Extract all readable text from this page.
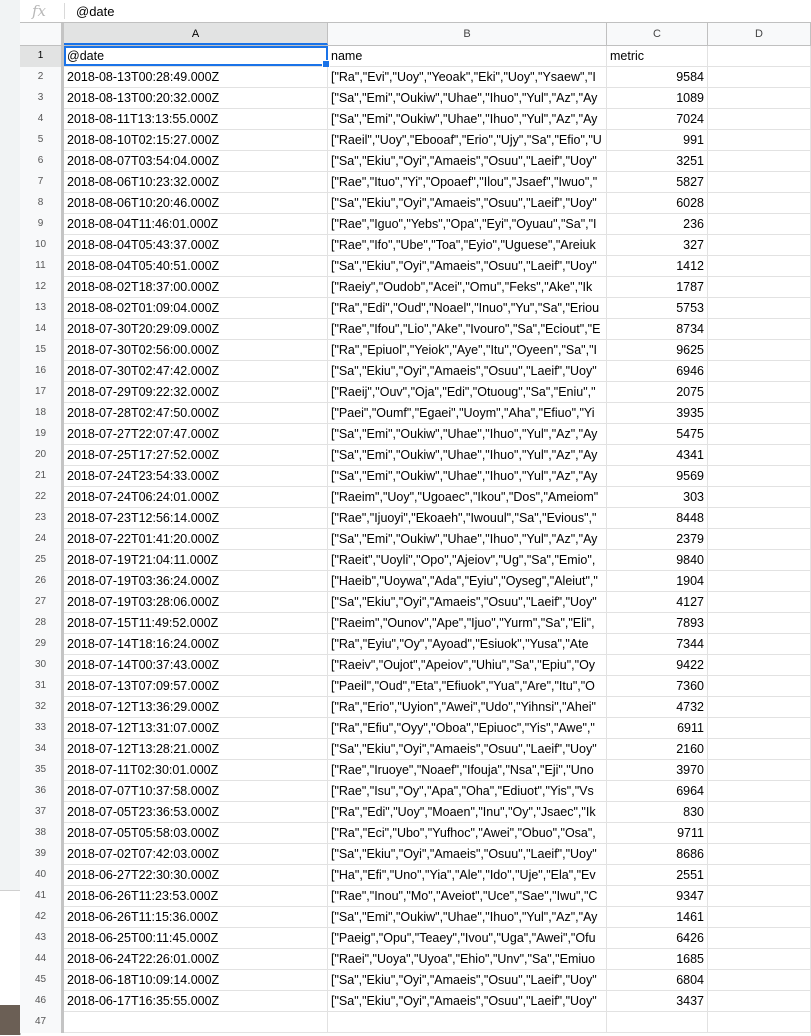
fx @date
A	B	C	D
1	@date	name	metric
2	2018-08-13T00:28:49.000Z	["Ra","Evi","Uoy","Yeoak","Eki","Uoy","Ysaew","I	9584
3	2018-08-13T00:20:32.000Z	["Sa","Emi","Oukiw","Uhae","Ihuo","Yul","Az","Ay	1089
4	2018-08-11T13:13:55.000Z	["Sa","Emi","Oukiw","Uhae","Ihuo","Yul","Az","Ay	7024
5	2018-08-10T02:15:27.000Z	["Raeil","Uoy","Ebooaf","Erio","Ujy","Sa","Efio","U	991
6	2018-08-07T03:54:04.000Z	["Sa","Ekiu","Oyi","Amaeis","Osuu","Laeif","Uoy"	3251
7	2018-08-06T10:23:32.000Z	["Rae","Ituo","Yi","Opoaef","Ilou","Jsaef","Iwuo","	5827
8	2018-08-06T10:20:46.000Z	["Sa","Ekiu","Oyi","Amaeis","Osuu","Laeif","Uoy"	6028
9	2018-08-04T11:46:01.000Z	["Rae","Iguo","Yebs","Opa","Eyi","Oyuau","Sa","I	236
10	2018-08-04T05:43:37.000Z	["Rae","Ifo","Ube","Toa","Eyio","Uguese","Areiuk	327
11	2018-08-04T05:40:51.000Z	["Sa","Ekiu","Oyi","Amaeis","Osuu","Laeif","Uoy"	1412
12	2018-08-02T18:37:00.000Z	["Raeiy","Oudob","Acei","Omu","Feks","Ake","Ik	1787
13	2018-08-02T01:09:04.000Z	["Ra","Edi","Oud","Noael","Inuo","Yu","Sa","Eriou	5753
14	2018-07-30T20:29:09.000Z	["Rae","Ifou","Lio","Ake","Ivouro","Sa","Eciout","E	8734
15	2018-07-30T02:56:00.000Z	["Ra","Epiuol","Yeiok","Aye","Itu","Oyeen","Sa","I	9625
16	2018-07-30T02:47:42.000Z	["Sa","Ekiu","Oyi","Amaeis","Osuu","Laeif","Uoy"	6946
17	2018-07-29T09:22:32.000Z	["Raeij","Ouv","Oja","Edi","Otuoug","Sa","Eniu","	2075
18	2018-07-28T02:47:50.000Z	["Paei","Oumf","Egaei","Uoym","Aha","Efiuo","Yi	3935
19	2018-07-27T22:07:47.000Z	["Sa","Emi","Oukiw","Uhae","Ihuo","Yul","Az","Ay	5475
20	2018-07-25T17:27:52.000Z	["Sa","Emi","Oukiw","Uhae","Ihuo","Yul","Az","Ay	4341
21	2018-07-24T23:54:33.000Z	["Sa","Emi","Oukiw","Uhae","Ihuo","Yul","Az","Ay	9569
22	2018-07-24T06:24:01.000Z	["Raeim","Uoy","Ugoaec","Ikou","Dos","Ameiom"	303
23	2018-07-23T12:56:14.000Z	["Rae","Ijuoyi","Ekoaeh","Iwouul","Sa","Evious","	8448
24	2018-07-22T01:41:20.000Z	["Sa","Emi","Oukiw","Uhae","Ihuo","Yul","Az","Ay	2379
25	2018-07-19T21:04:11.000Z	["Raeit","Uoyli","Opo","Ajeiov","Ug","Sa","Emio",	9840
26	2018-07-19T03:36:24.000Z	["Haeib","Uoywa","Ada","Eyiu","Oyseg","Aleiut","	1904
27	2018-07-19T03:28:06.000Z	["Sa","Ekiu","Oyi","Amaeis","Osuu","Laeif","Uoy"	4127
28	2018-07-15T11:49:52.000Z	["Raeim","Ounov","Ape","Ijuo","Yurm","Sa","Eli",	7893
29	2018-07-14T18:16:24.000Z	["Ra","Eyiu","Oy","Ayoad","Esiuok","Yusa","Ate	7344
30	2018-07-14T00:37:43.000Z	["Raeiv","Oujot","Apeiov","Uhiu","Sa","Epiu","Oy	9422
31	2018-07-13T07:09:57.000Z	["Paeil","Oud","Eta","Efiuok","Yua","Are","Itu","O	7360
32	2018-07-12T13:36:29.000Z	["Ra","Erio","Uyion","Awei","Udo","Yihnsi","Ahei"	4732
33	2018-07-12T13:31:07.000Z	["Ra","Efiu","Oyy","Oboa","Epiuoc","Yis","Awe","	6911
34	2018-07-12T13:28:21.000Z	["Sa","Ekiu","Oyi","Amaeis","Osuu","Laeif","Uoy"	2160
35	2018-07-11T02:30:01.000Z	["Rae","Iruoye","Noaef","Ifouja","Nsa","Eji","Uno	3970
36	2018-07-07T10:37:58.000Z	["Rae","Isu","Oy","Apa","Oha","Ediuot","Yis","Vs	6964
37	2018-07-05T23:36:53.000Z	["Ra","Edi","Uoy","Moaen","Inu","Oy","Jsaec","Ik	830
38	2018-07-05T05:58:03.000Z	["Ra","Eci","Ubo","Yufhoc","Awei","Obuo","Osa",	9711
39	2018-07-02T07:42:03.000Z	["Sa","Ekiu","Oyi","Amaeis","Osuu","Laeif","Uoy"	8686
40	2018-06-27T22:30:30.000Z	["Ha","Efi","Uno","Yia","Ale","Ido","Uje","Ela","Ev	2551
41	2018-06-26T11:23:53.000Z	["Rae","Inou","Mo","Aveiot","Uce","Sae","Iwu","C	9347
42	2018-06-26T11:15:36.000Z	["Sa","Emi","Oukiw","Uhae","Ihuo","Yul","Az","Ay	1461
43	2018-06-25T00:11:45.000Z	["Paeig","Opu","Teaey","Ivou","Uga","Awei","Ofu	6426
44	2018-06-24T22:26:01.000Z	["Raei","Uoya","Uyoa","Ehio","Unv","Sa","Emiuo	1685
45	2018-06-18T10:09:14.000Z	["Sa","Ekiu","Oyi","Amaeis","Osuu","Laeif","Uoy"	6804
46	2018-06-17T16:35:55.000Z	["Sa","Ekiu","Oyi","Amaeis","Osuu","Laeif","Uoy"	3437
47
